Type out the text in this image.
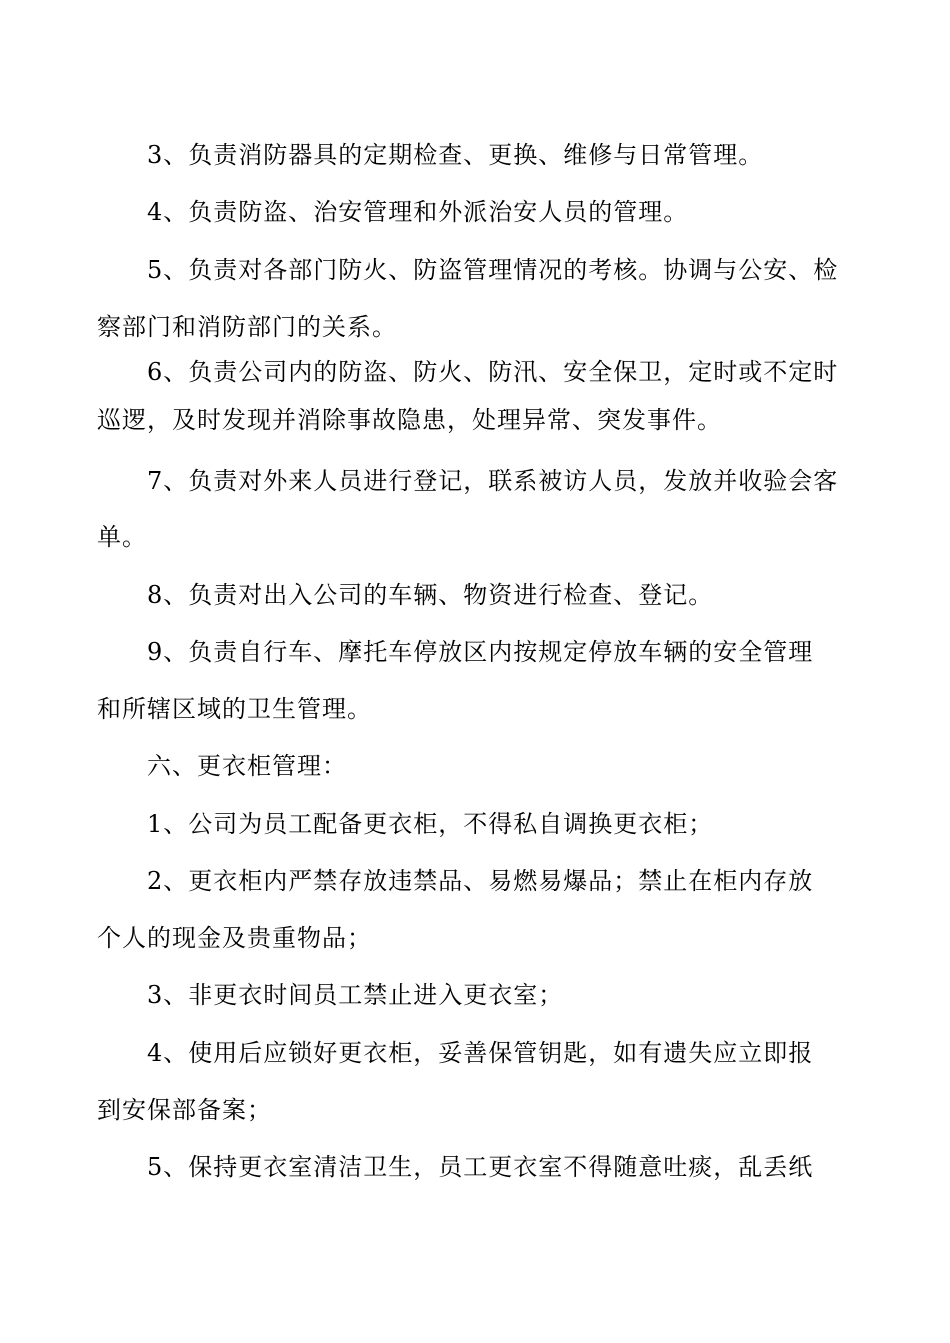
3、负责消防器具的定期检查、更换、维修与日常管理。
4、负责防盗、治安管理和外派治安人员的管理。
5、负责对各部门防火、防盗管理情况的考核。协调与公安、检
察部门和消防部门的关系。
6、负责公司内的防盗、防火、防汛、安全保卫，定时或不定时
巡逻，及时发现并消除事故隐患，处理异常、突发事件。
7、负责对外来人员进行登记，联系被访人员，发放并收验会客
单。
8、负责对出入公司的车辆、物资进行检查、登记。
9、负责自行车、摩托车停放区内按规定停放车辆的安全管理
和所辖区域的卫生管理。
六、更衣柜管理：
1、公司为员工配备更衣柜，不得私自调换更衣柜；
2、更衣柜内严禁存放违禁品、易燃易爆品；禁止在柜内存放
个人的现金及贵重物品；
3、非更衣时间员工禁止进入更衣室；
4、使用后应锁好更衣柜，妥善保管钥匙，如有遗失应立即报
到安保部备案；
5、保持更衣室清洁卫生，员工更衣室不得随意吐痰，乱丢纸
